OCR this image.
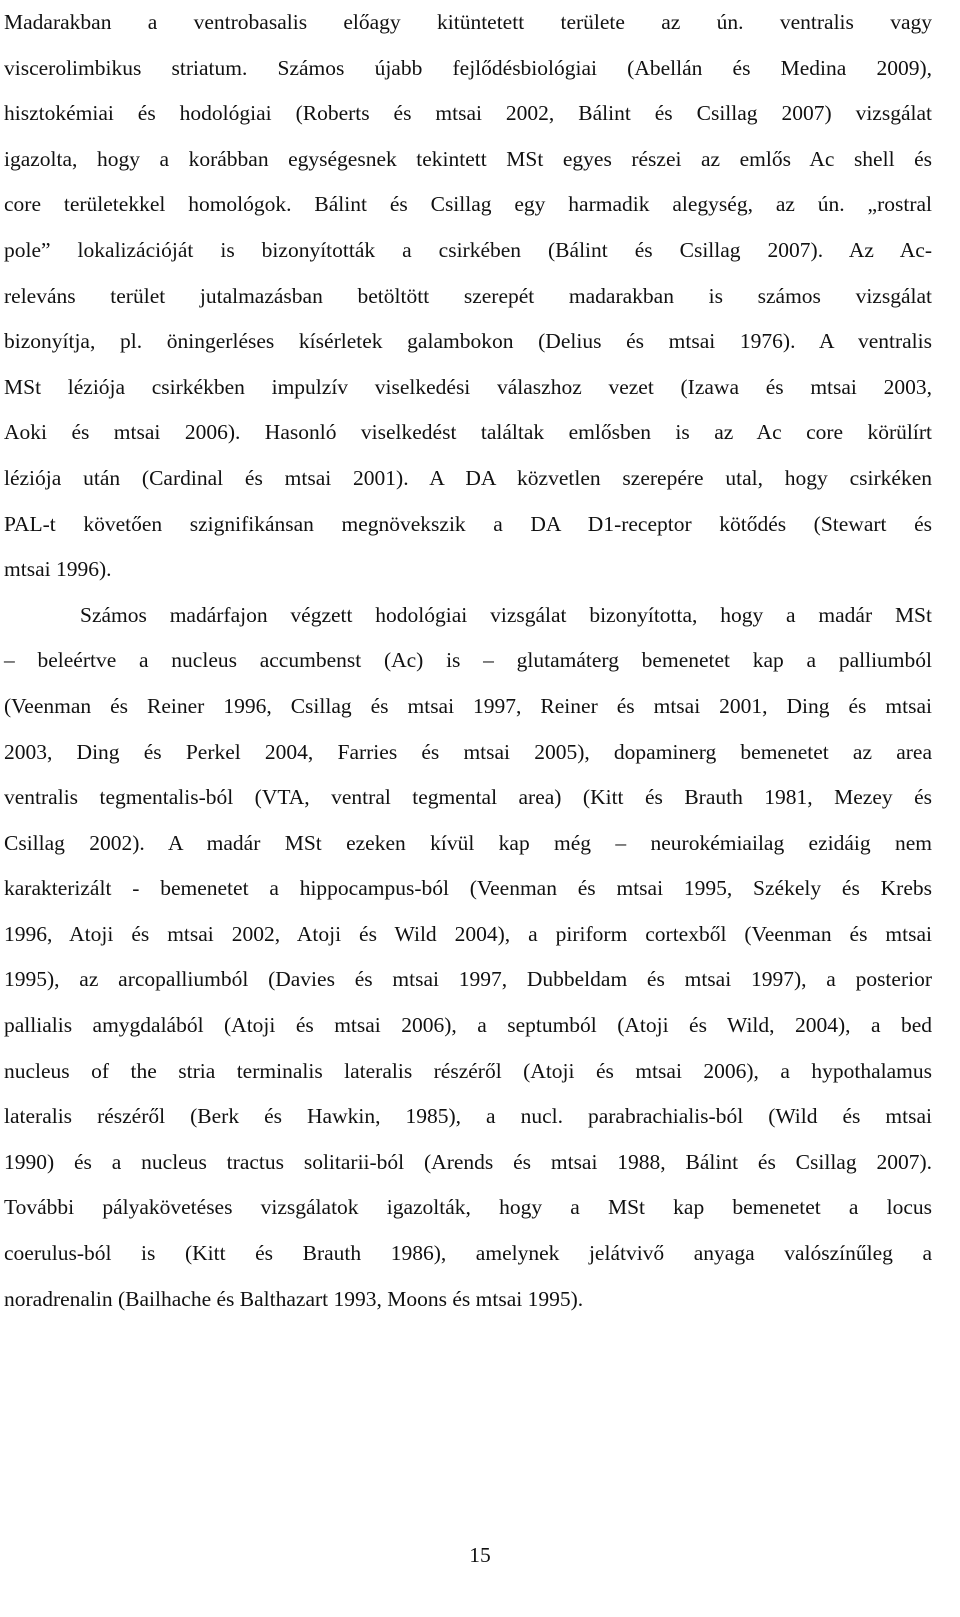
Madarakban a ventrobasalis előagy kitüntetett területe az ún. ventralis vagy
viscerolimbikus striatum. Számos újabb fejlődésbiológiai (Abellán és Medina 2009),
hisztokémiai és hodológiai (Roberts és mtsai 2002, Bálint és Csillag 2007) vizsgálat
igazolta, hogy a korábban egységesnek tekintett MSt egyes részei az emlős Ac shell és
core területekkel homológok. Bálint és Csillag egy harmadik alegység, az ún. „rostral
pole” lokalizációját is bizonyították a csirkében (Bálint és Csillag 2007). Az Ac-
releváns terület jutalmazásban betöltött szerepét madarakban is számos vizsgálat
bizonyítja, pl. öningerléses kísérletek galambokon (Delius és mtsai 1976). A ventralis
MSt léziója csirkékben impulzív viselkedési válaszhoz vezet (Izawa és mtsai 2003,
Aoki és mtsai 2006). Hasonló viselkedést találtak emlősben is az Ac core körülírt
léziója után (Cardinal és mtsai 2001). A DA közvetlen szerepére utal, hogy csirkéken
PAL-t követően szignifikánsan megnövekszik a DA D1-receptor kötődés (Stewart és
mtsai 1996).
Számos madárfajon végzett hodológiai vizsgálat bizonyította, hogy a madár MSt
– beleértve a nucleus accumbenst (Ac) is – glutamáterg bemenetet kap a palliumból
(Veenman és Reiner 1996, Csillag és mtsai 1997, Reiner és mtsai 2001, Ding és mtsai
2003, Ding és Perkel 2004, Farries és mtsai 2005), dopaminerg bemenetet az area
ventralis tegmentalis-ból (VTA, ventral tegmental area) (Kitt és Brauth 1981, Mezey és
Csillag 2002). A madár MSt ezeken kívül kap még – neurokémiailag ezidáig nem
karakterizált - bemenetet a hippocampus-ból (Veenman és mtsai 1995, Székely és Krebs
1996, Atoji és mtsai 2002, Atoji és Wild 2004), a piriform cortexből (Veenman és mtsai
1995), az arcopalliumból (Davies és mtsai 1997, Dubbeldam és mtsai 1997), a posterior
pallialis amygdalából (Atoji és mtsai 2006), a septumból (Atoji és Wild, 2004), a bed
nucleus of the stria terminalis lateralis részéről (Atoji és mtsai 2006), a hypothalamus
lateralis részéről (Berk és Hawkin, 1985), a nucl. parabrachialis-ból (Wild és mtsai
1990) és a nucleus tractus solitarii-ból (Arends és mtsai 1988, Bálint és Csillag 2007).
További pályakövetéses vizsgálatok igazolták, hogy a MSt kap bemenetet a locus
coerulus-ból is (Kitt és Brauth 1986), amelynek jelátvivő anyaga valószínűleg a
noradrenalin (Bailhache és Balthazart 1993, Moons és mtsai 1995).
15
